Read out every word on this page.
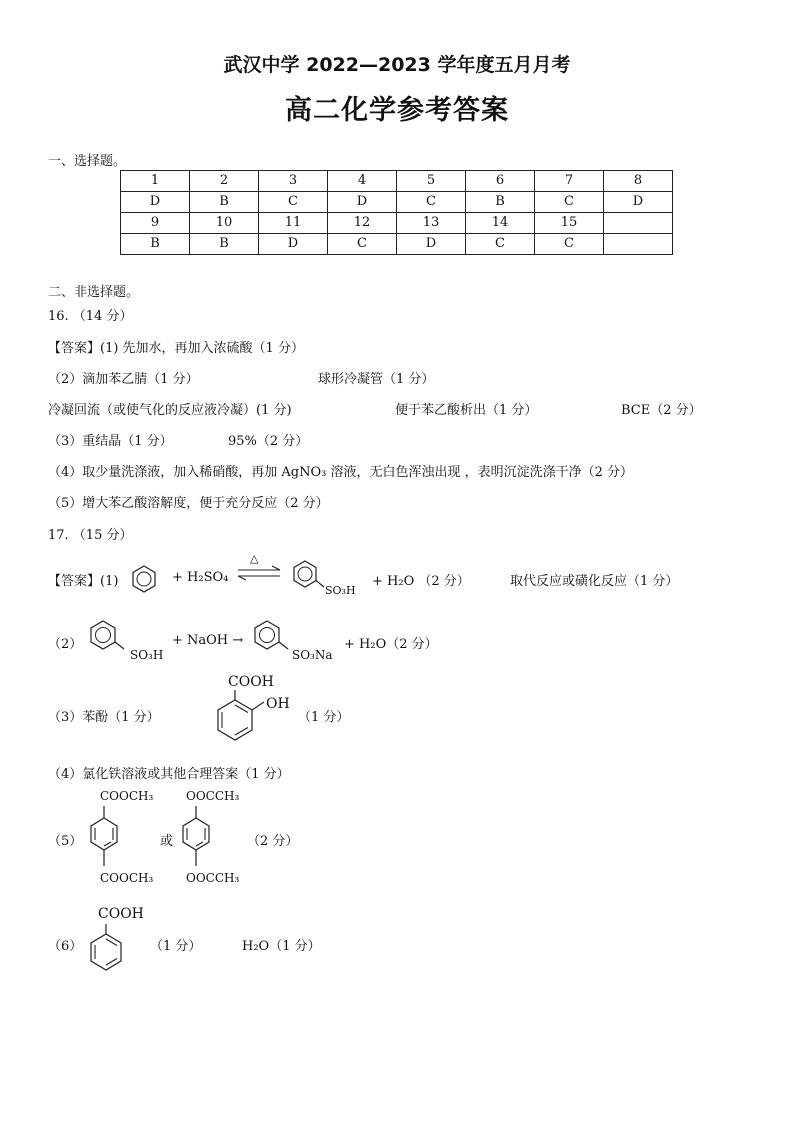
武汉中学 2022—2023 学年度五月月考
高二化学参考答案
一、选择题。
1	2	3	4	5	6	7	8
D	B	C	D	C	B	C	D
9	10	11	12	13	14	15	
B	B	D	C	D	C	C	
二、非选择题。
16. （14 分）
【答案】(1) 先加水，再加入浓硫酸（1 分）
（2）滴加苯乙腈（1 分）	球形冷凝管（1 分）
冷凝回流（或使气化的反应液冷凝）(1 分)	便于苯乙酸析出（1 分）	BCE（2 分）
（3）重结晶（1 分）	95%（2 分）
（4）取少量洗涤液，加入稀硝酸，再加 AgNO₃ 溶液，无白色浑浊出现 ，表明沉淀洗涤干净（2 分）
（5）增大苯乙酸溶解度，便于充分反应（2 分）
17. （15 分）
【答案】(1)	+ H₂SO₄
△
SO₃H
+ H₂O （2 分）	取代反应或磺化反应（1 分）
（2）
SO₃H
+ NaOH →
SO₃Na
+ H₂O（2 分）
（3）苯酚（1 分）
COOH
OH
（1 分）
（4）氯化铁溶液或其他合理答案（1 分）
（5）
COOCH₃
COOCH₃
或
OOCCH₃
OOCCH₃
（2 分）
（6）
COOH
（1 分）	H₂O（1 分）
